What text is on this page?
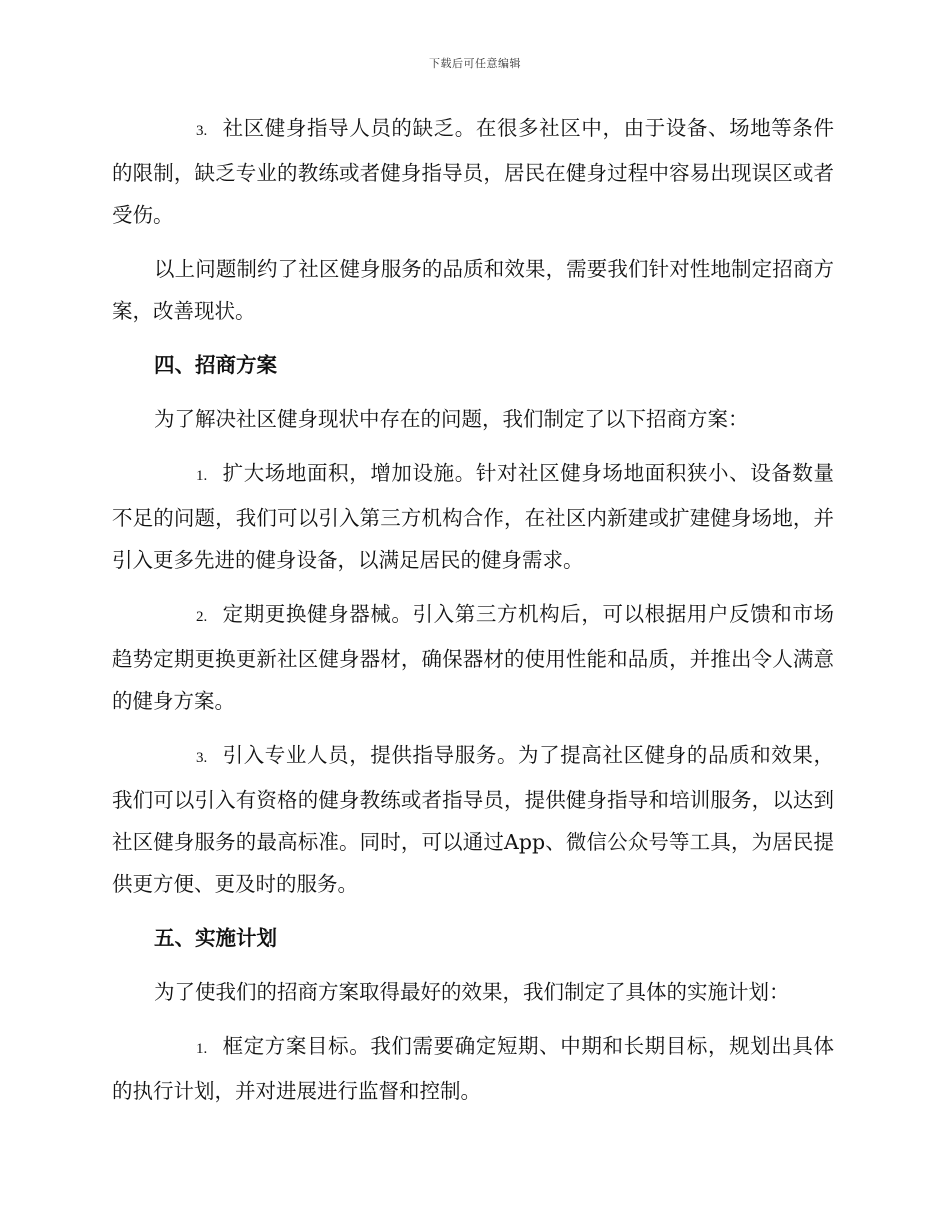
下载后可任意编辑

3. 社区健身指导人员的缺乏。在很多社区中，由于设备、场地等条件的限制，缺乏专业的教练或者健身指导员，居民在健身过程中容易出现误区或者受伤。

以上问题制约了社区健身服务的品质和效果，需要我们针对性地制定招商方案，改善现状。

四、招商方案

为了解决社区健身现状中存在的问题，我们制定了以下招商方案：

1. 扩大场地面积，增加设施。针对社区健身场地面积狭小、设备数量不足的问题，我们可以引入第三方机构合作，在社区内新建或扩建健身场地，并引入更多先进的健身设备，以满足居民的健身需求。

2. 定期更换健身器械。引入第三方机构后，可以根据用户反馈和市场趋势定期更换更新社区健身器材，确保器材的使用性能和品质，并推出令人满意的健身方案。

3. 引入专业人员，提供指导服务。为了提高社区健身的品质和效果，我们可以引入有资格的健身教练或者指导员，提供健身指导和培训服务，以达到社区健身服务的最高标准。同时，可以通过App、微信公众号等工具，为居民提供更方便、更及时的服务。

五、实施计划

为了使我们的招商方案取得最好的效果，我们制定了具体的实施计划：

1. 框定方案目标。我们需要确定短期、中期和长期目标，规划出具体的执行计划，并对进展进行监督和控制。
